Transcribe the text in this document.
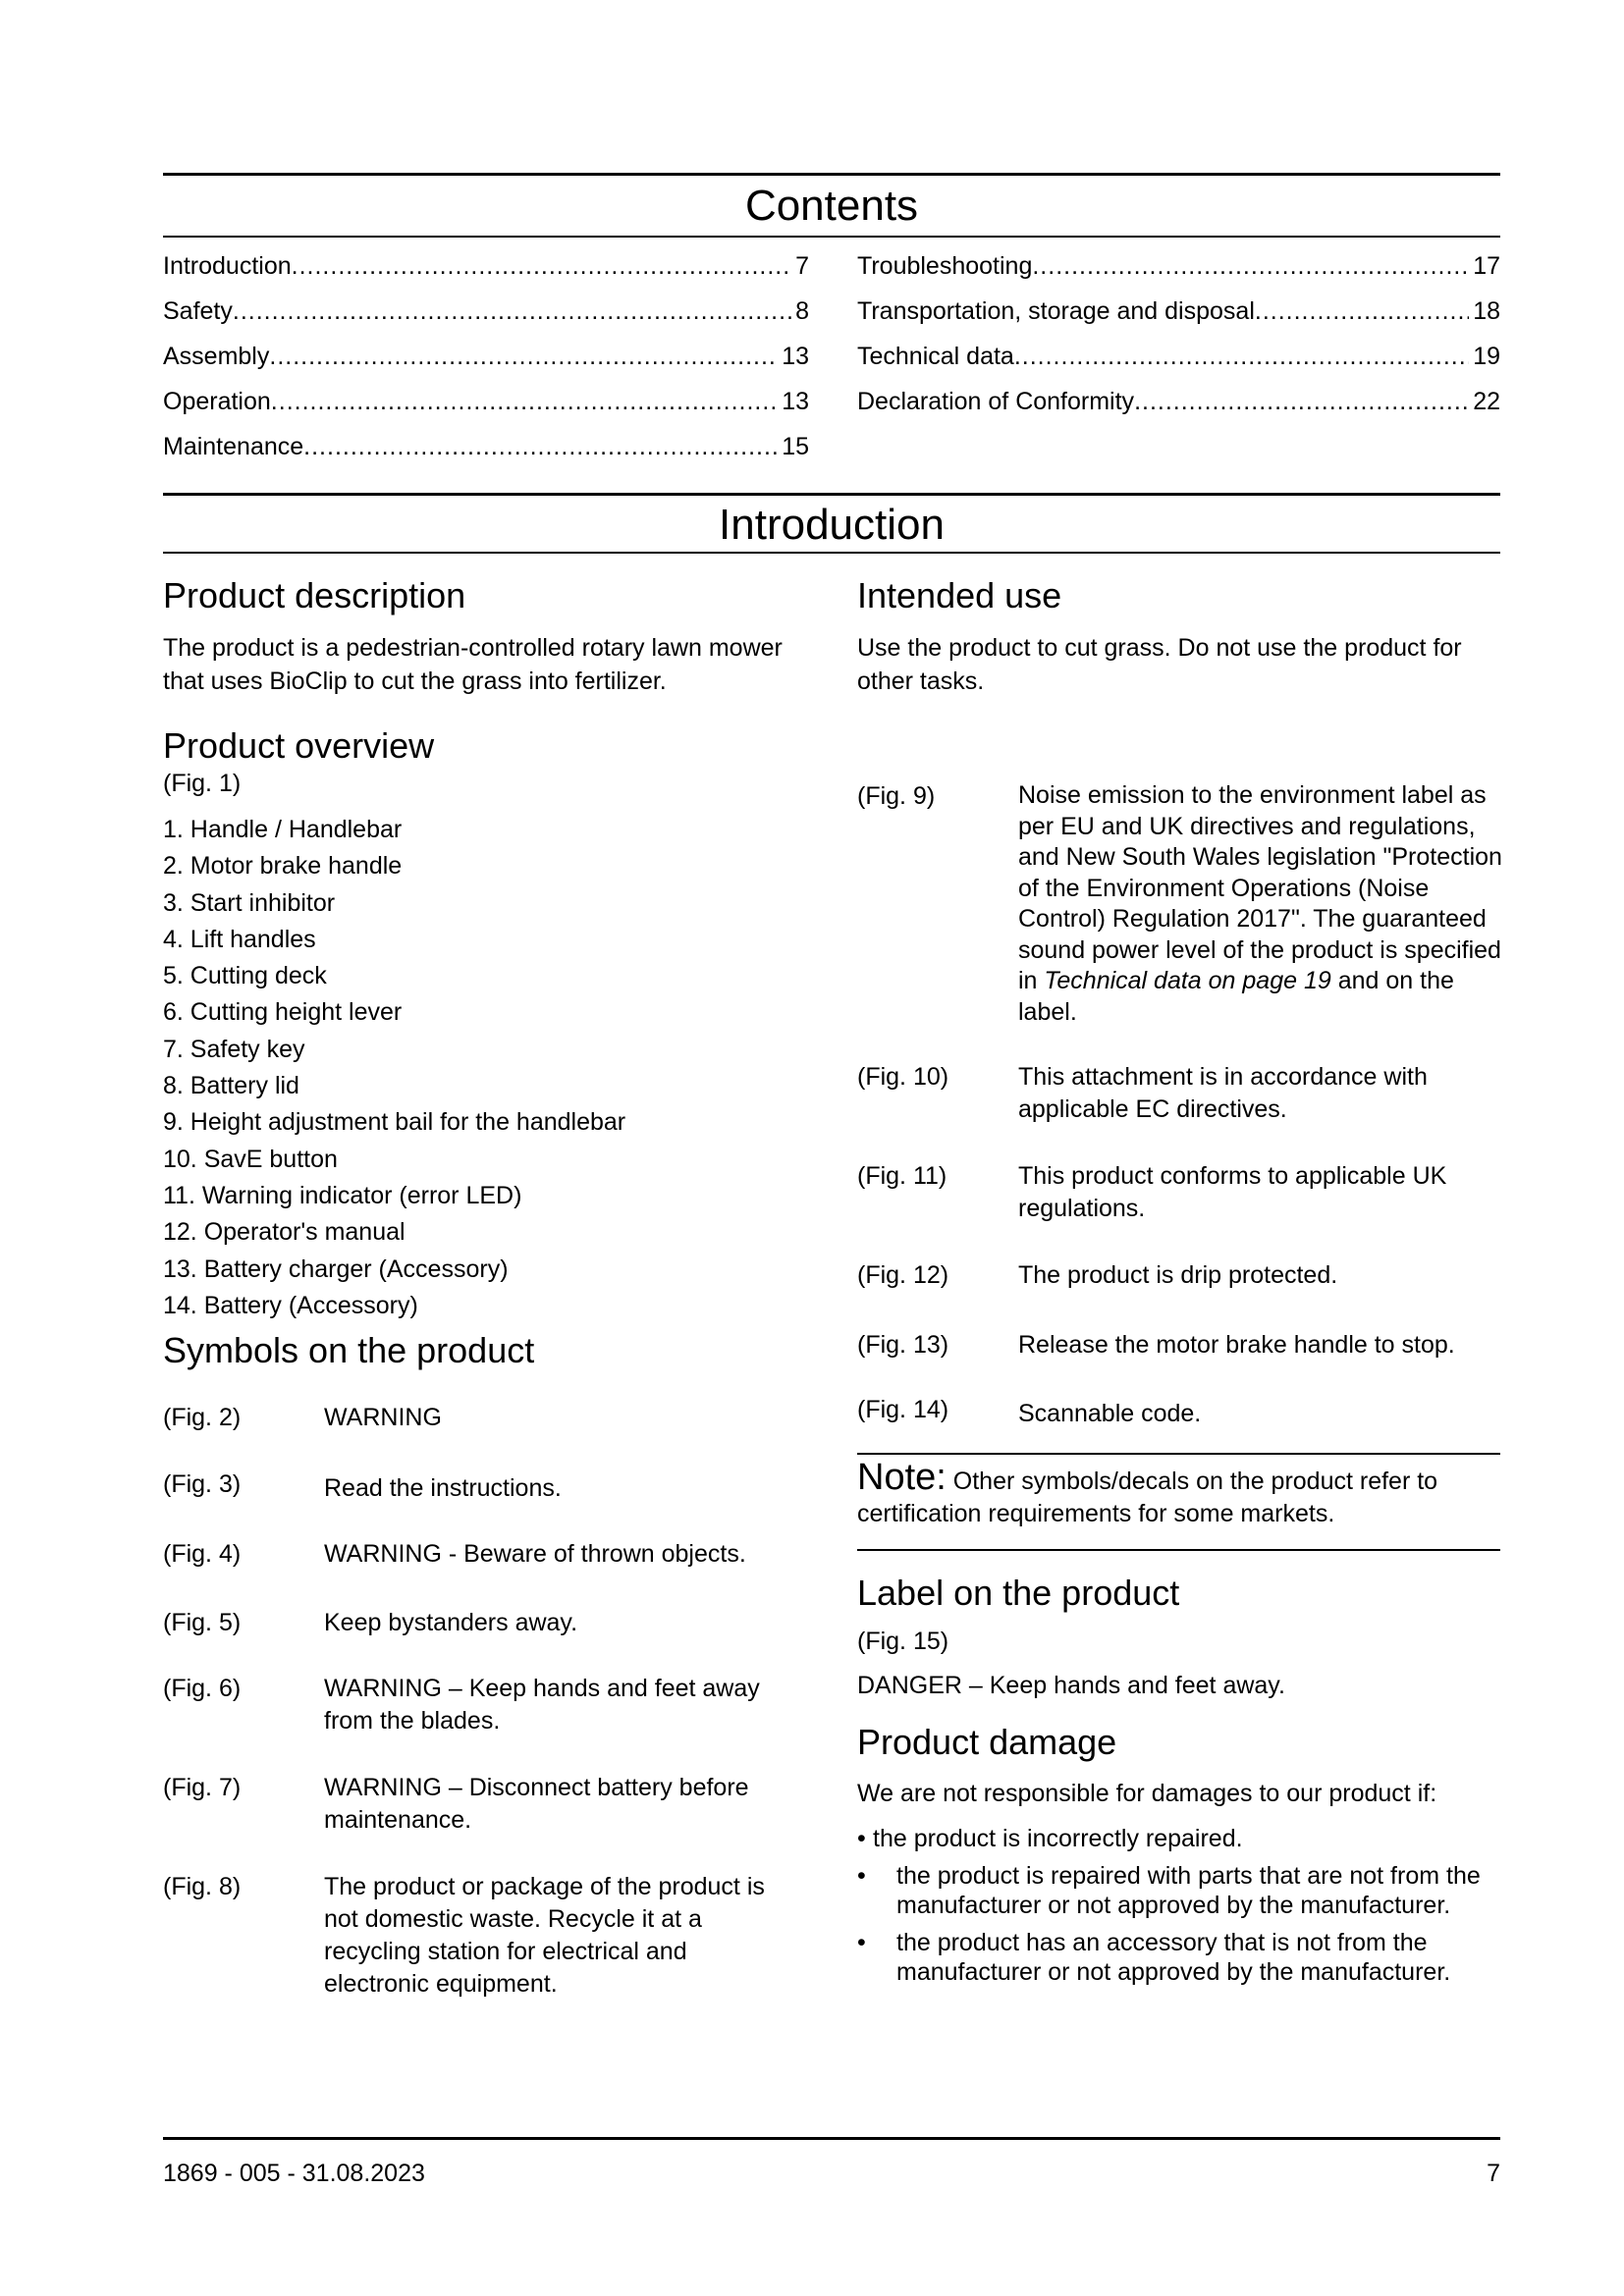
Contents
Introduction .....	7
Safety .....	8
Assembly .....	13
Operation .....	13
Maintenance .....	15
Troubleshooting .....	17
Transportation, storage and disposal .....	18
Technical data .....	19
Declaration of Conformity .....	22
Introduction
Product description

The product is a pedestrian-controlled rotary lawn mower that uses BioClip to cut the grass into fertilizer.

Product overview

(Fig. 1)

1. Handle / Handlebar
2. Motor brake handle
3. Start inhibitor
4. Lift handles
5. Cutting deck
6. Cutting height lever
7. Safety key
8. Battery lid
9. Height adjustment bail for the handlebar
10. SavE button
11. Warning indicator (error LED)
12. Operator's manual
13. Battery charger (Accessory)
14. Battery (Accessory)
Symbols on the product
(Fig. 2)	WARNING
(Fig. 3)	Read the instructions.
(Fig. 4)	WARNING - Beware of thrown objects.
(Fig. 5)	Keep bystanders away.
(Fig. 6)	WARNING – Keep hands and feet away from the blades.
(Fig. 7)	WARNING – Disconnect battery before maintenance.
(Fig. 8)	The product or package of the product is not domestic waste. Recycle it at a recycling station for electrical and electronic equipment.
Intended use

Use the product to cut grass. Do not use the product for other tasks.

(Fig. 9)	Noise emission to the environment label as per EU and UK directives and regulations, and New South Wales legislation "Protection of the Environment Operations (Noise Control) Regulation 2017". The guaranteed sound power level of the product is specified in Technical data on page 19 and on the label.
(Fig. 10)	This attachment is in accordance with applicable EC directives.
(Fig. 11)	This product conforms to applicable UK regulations.
(Fig. 12)	The product is drip protected.
(Fig. 13)	Release the motor brake handle to stop.
(Fig. 14)	Scannable code.
Note: Other symbols/decals on the product refer to certification requirements for some markets.
Label on the product

(Fig. 15)

DANGER – Keep hands and feet away.

Product damage

We are not responsible for damages to our product if:

• the product is incorrectly repaired.
• the product is repaired with parts that are not from the manufacturer or not approved by the manufacturer.
• the product has an accessory that is not from the manufacturer or not approved by the manufacturer.
1869 - 005 - 31.08.2023	7
